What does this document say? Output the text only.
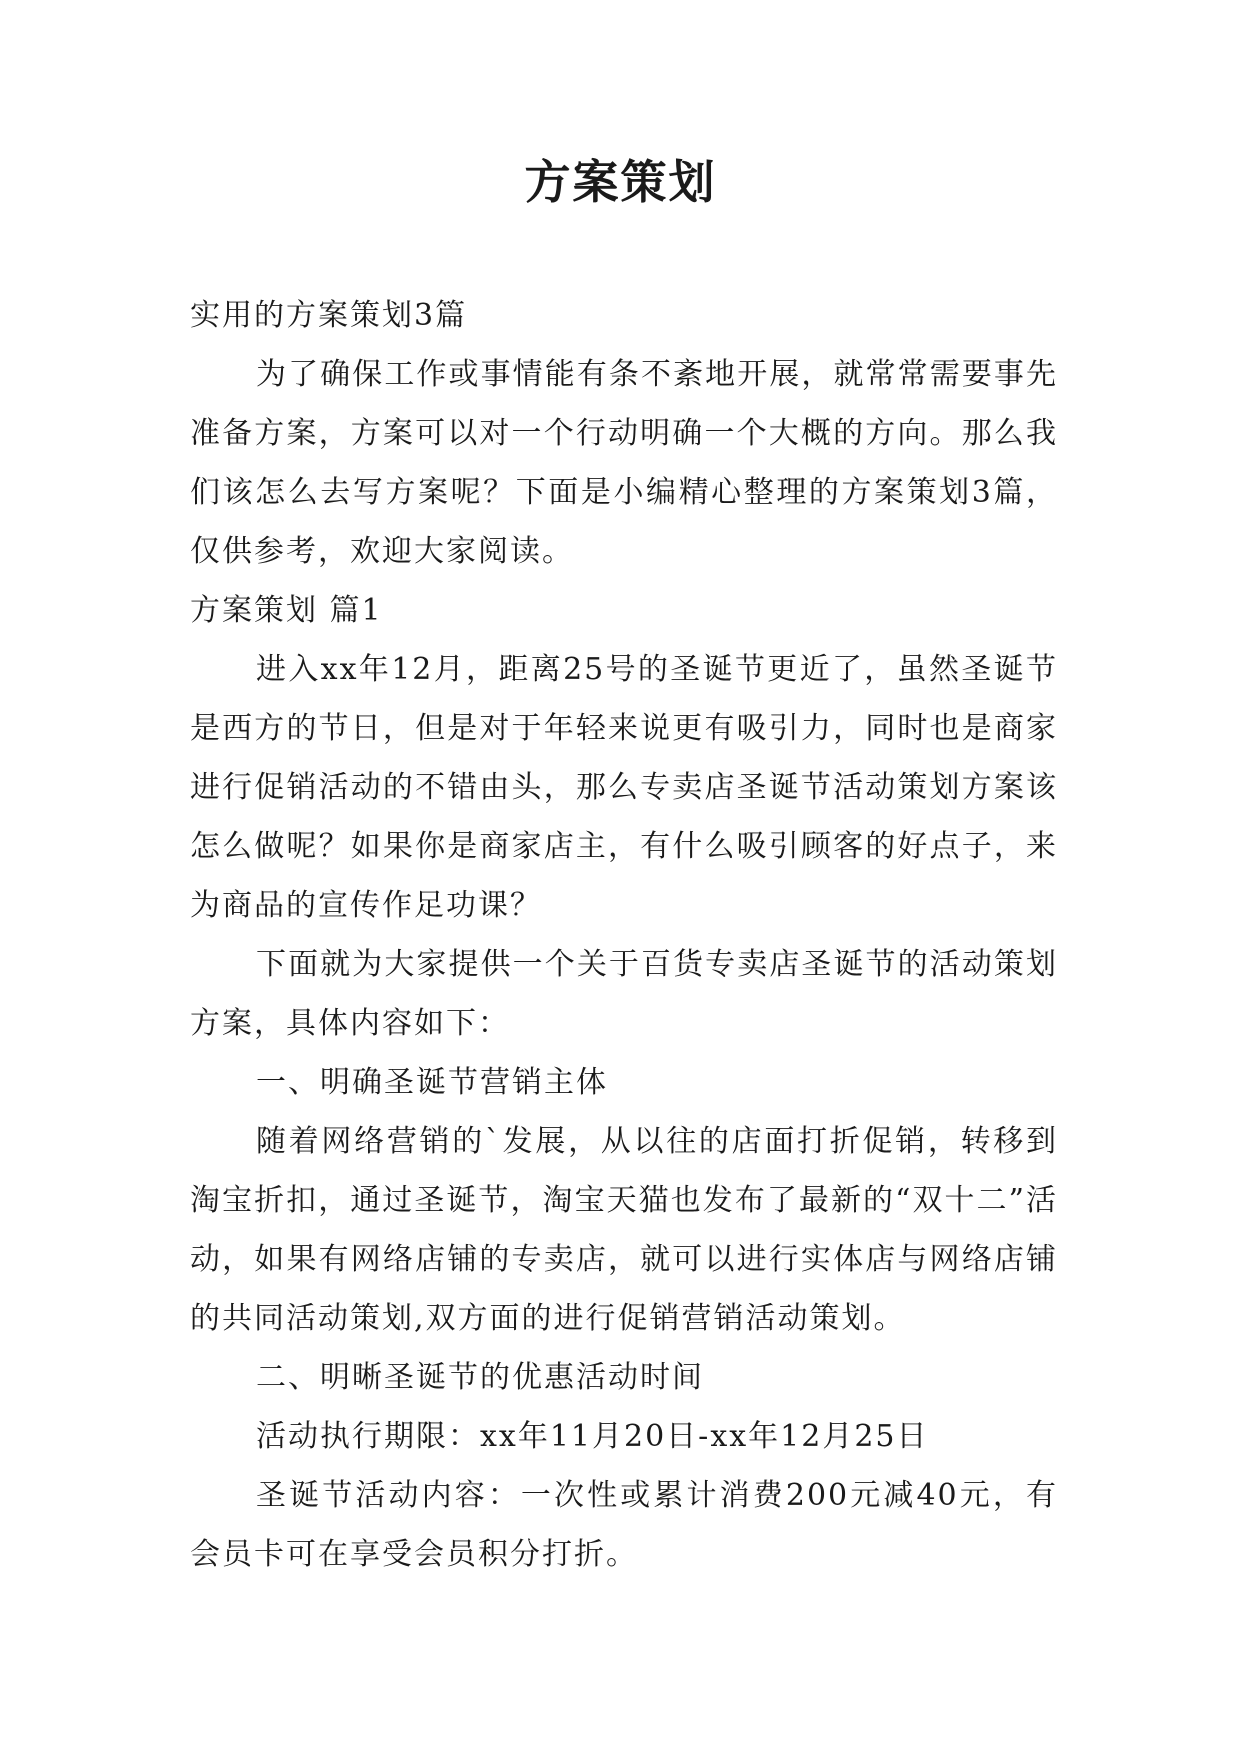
方案策划

实用的方案策划3篇

为了确保工作或事情能有条不紊地开展，就常常需要事先准备方案，方案可以对一个行动明确一个大概的方向。那么我们该怎么去写方案呢？下面是小编精心整理的方案策划3篇，仅供参考，欢迎大家阅读。

方案策划 篇1

进入xx年12月，距离25号的圣诞节更近了，虽然圣诞节是西方的节日，但是对于年轻来说更有吸引力，同时也是商家进行促销活动的不错由头，那么专卖店圣诞节活动策划方案该怎么做呢？如果你是商家店主，有什么吸引顾客的好点子，来为商品的宣传作足功课？

下面就为大家提供一个关于百货专卖店圣诞节的活动策划方案，具体内容如下：

一、明确圣诞节营销主体

随着网络营销的`发展，从以往的店面打折促销，转移到淘宝折扣，通过圣诞节，淘宝天猫也发布了最新的“双十二”活动，如果有网络店铺的专卖店，就可以进行实体店与网络店铺的共同活动策划,双方面的进行促销营销活动策划。

二、明晰圣诞节的优惠活动时间

活动执行期限：xx年11月20日-xx年12月25日

圣诞节活动内容：一次性或累计消费200元减40元，有会员卡可在享受会员积分打折。
